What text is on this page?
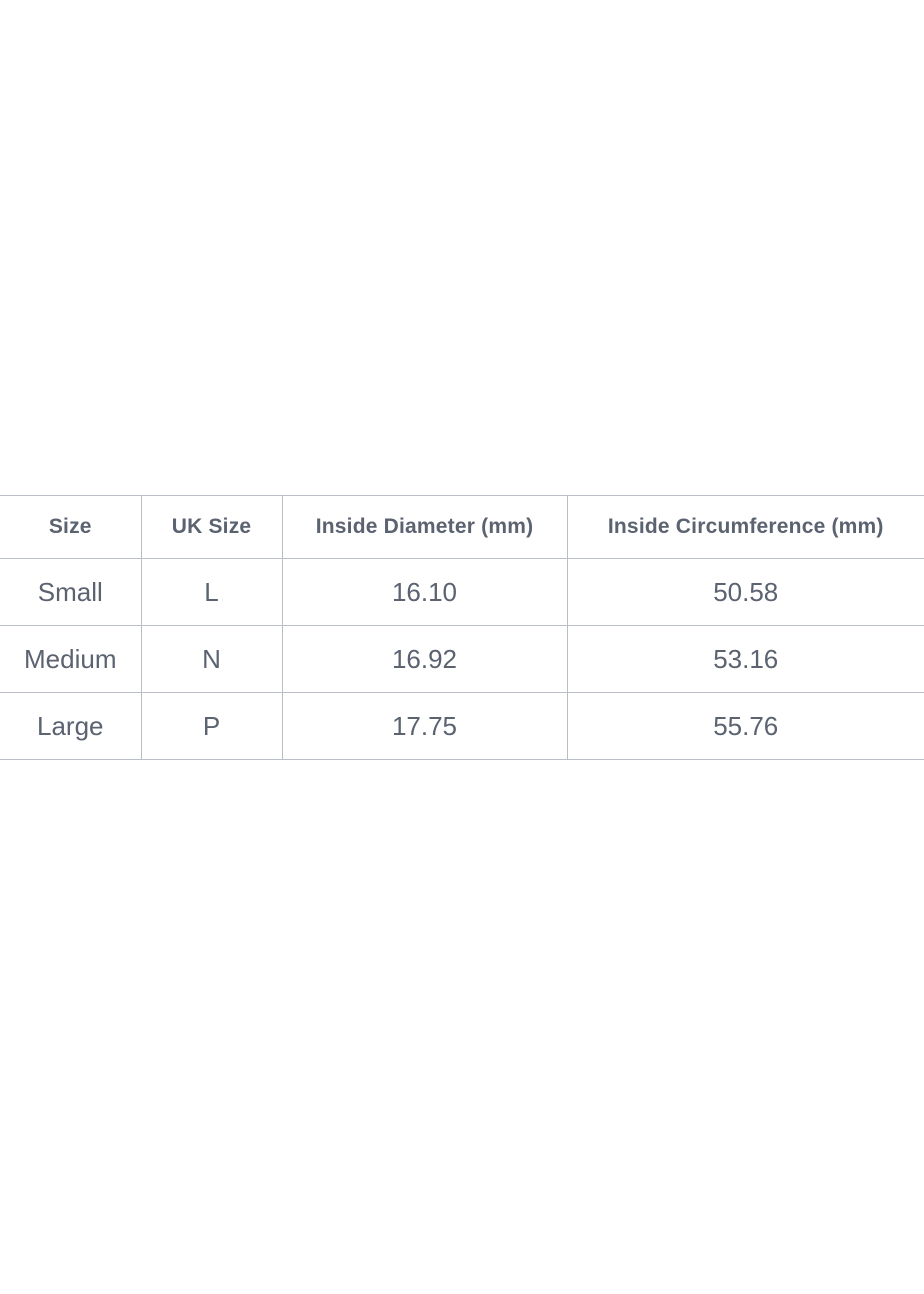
Size	UK Size	Inside Diameter (mm)	Inside Circumference (mm)
Small	L	16.10	50.58
Medium	N	16.92	53.16
Large	P	17.75	55.76
